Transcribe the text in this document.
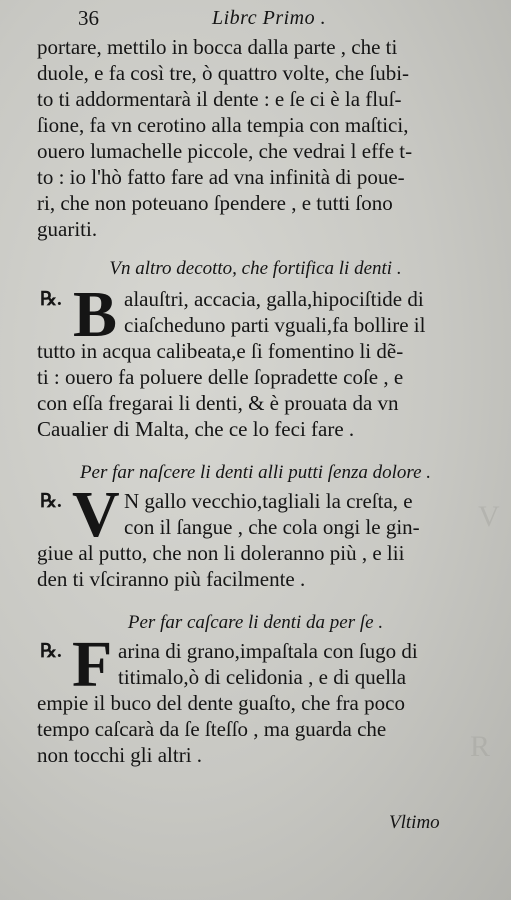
V
R
36	Librc Primo .
portare, mettilo in bocca dalla parte , che ti
duole, e fa così tre, ò quattro volte, che ſubi-
to ti addormentarà il dente : e ſe ci è la fluſ-
ſione, fa vn cerotino alla tempia con maſtici,
ouero lumachelle piccole, che vedrai l effe t-
to : io l'hò fatto fare ad vna infinità di poue-
ri, che non poteuano ſpendere , e tutti ſono
guariti.
Vn altro decotto, che fortifica li denti .
℞. B alauſtri, accacia, galla,hipociſtide di
ciaſcheduno parti vguali,fa bollire il
tutto in acqua calibeata,e ſi fomentino li dẽ-
ti : ouero fa poluere delle ſopradette coſe , e
con eſſa fregarai li denti, & è prouata da vn
Caualier di Malta, che ce lo feci fare .
Per far naſcere li denti alli putti ſenza dolore .
℞. V N gallo vecchio,tagliali la creſta, e
con il ſangue , che cola ongi le gin-
giue al putto, che non li doleranno più , e lii
den ti vſciranno più facilmente .
Per far caſcare li denti da per ſe .
℞. F arina di grano,impaſtala con ſugo di
titimalo,ò di celidonia , e di quella
empie il buco del dente guaſto, che fra poco
tempo caſcarà da ſe ſteſſo , ma guarda che
non tocchi gli altri .
Vltimo
